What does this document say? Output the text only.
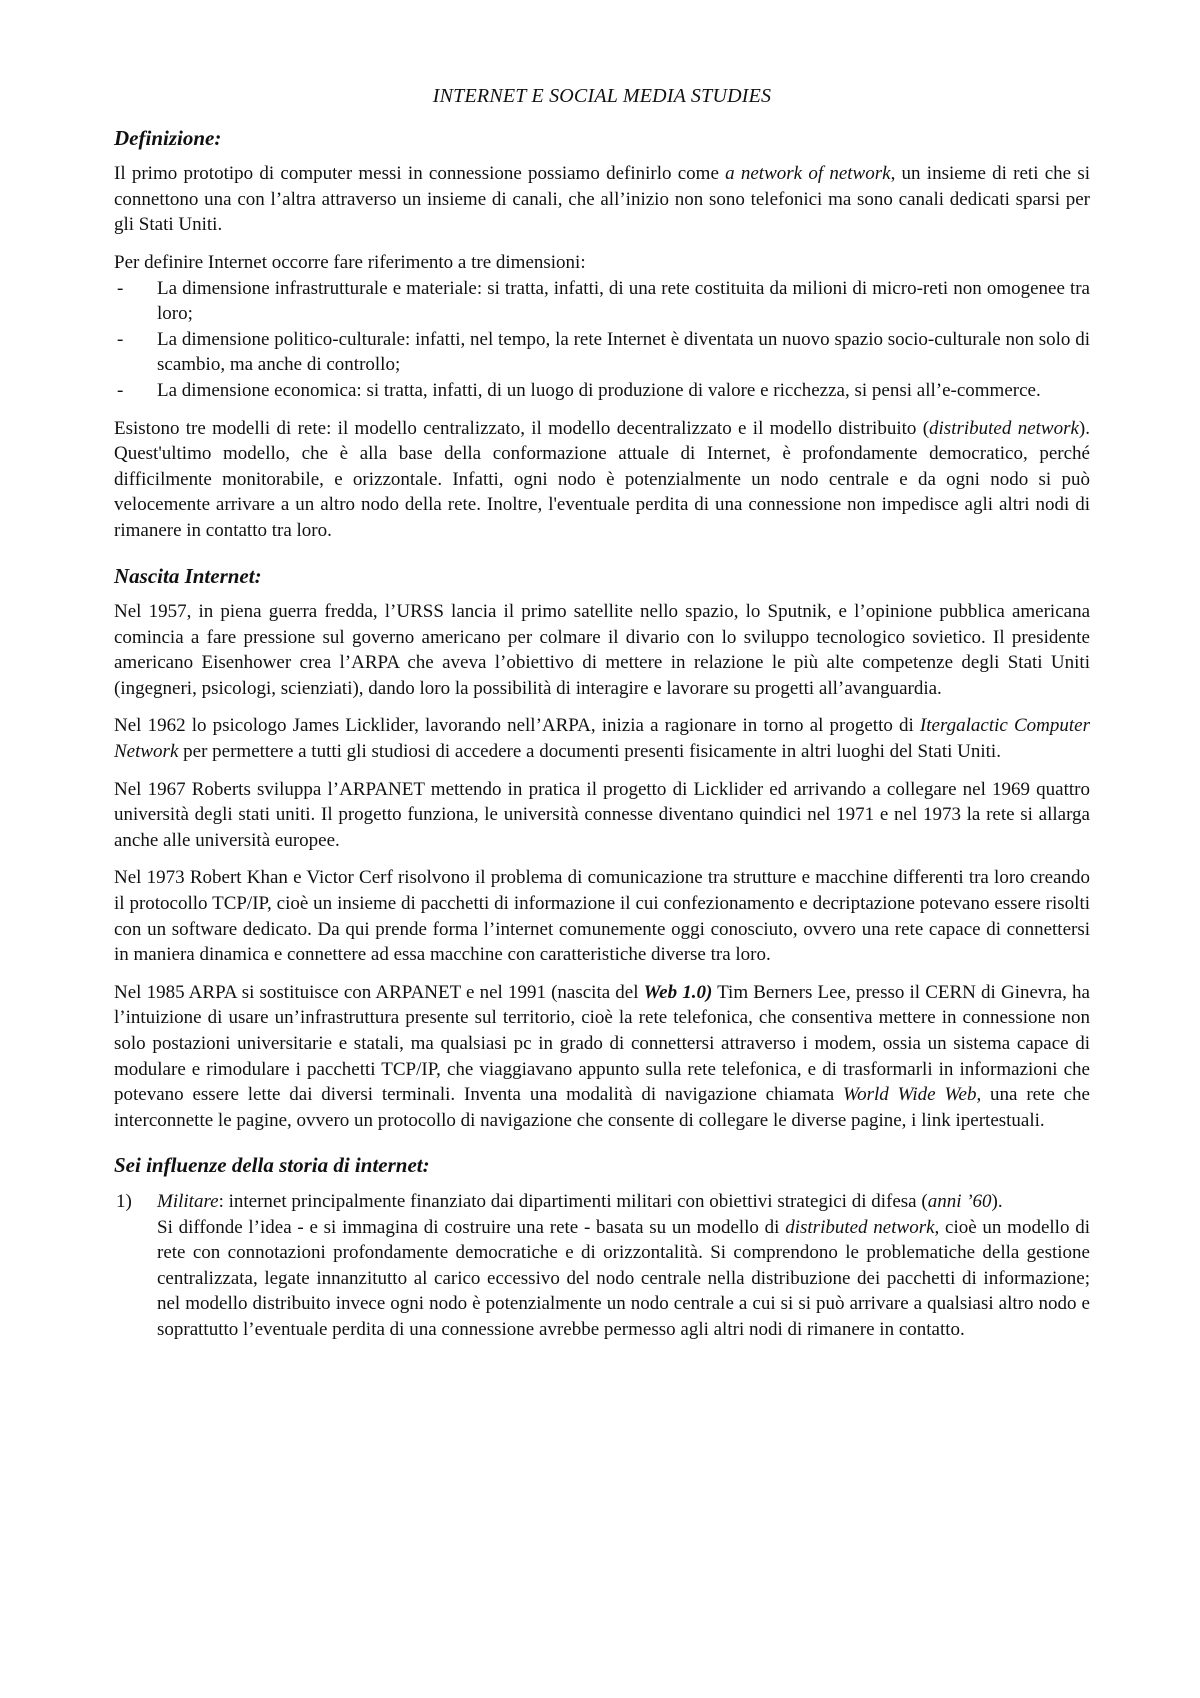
INTERNET E SOCIAL MEDIA STUDIES
Definizione:

Il primo prototipo di computer messi in connessione possiamo definirlo come a network of network, un insieme di reti che si connettono una con l’altra attraverso un insieme di canali, che all’inizio non sono telefonici ma sono canali dedicati sparsi per gli Stati Uniti.

Per definire Internet occorre fare riferimento a tre dimensioni:

- La dimensione infrastrutturale e materiale: si tratta, infatti, di una rete costituita da milioni di micro-reti non omogenee tra loro;
- La dimensione politico-culturale: infatti, nel tempo, la rete Internet è diventata un nuovo spazio socio-culturale non solo di scambio, ma anche di controllo;
- La dimensione economica: si tratta, infatti, di un luogo di produzione di valore e ricchezza, si pensi all’e-commerce.

Esistono tre modelli di rete: il modello centralizzato, il modello decentralizzato e il modello distribuito (distributed network). Quest'ultimo modello, che è alla base della conformazione attuale di Internet, è profondamente democratico, perché difficilmente monitorabile, e orizzontale. Infatti, ogni nodo è potenzialmente un nodo centrale e da ogni nodo si può velocemente arrivare a un altro nodo della rete. Inoltre, l'eventuale perdita di una connessione non impedisce agli altri nodi di rimanere in contatto tra loro.

Nascita Internet:

Nel 1957, in piena guerra fredda, l’URSS lancia il primo satellite nello spazio, lo Sputnik, e l’opinione pubblica americana comincia a fare pressione sul governo americano per colmare il divario con lo sviluppo tecnologico sovietico. Il presidente americano Eisenhower crea l’ARPA che aveva l’obiettivo di mettere in relazione le più alte competenze degli Stati Uniti (ingegneri, psicologi, scienziati), dando loro la possibilità di interagire e lavorare su progetti all’avanguardia.

Nel 1962 lo psicologo James Licklider, lavorando nell’ARPA, inizia a ragionare in torno al progetto di Itergalactic Computer Network per permettere a tutti gli studiosi di accedere a documenti presenti fisicamente in altri luoghi del Stati Uniti.

Nel 1967 Roberts sviluppa l’ARPANET mettendo in pratica il progetto di Licklider ed arrivando a collegare nel 1969 quattro università degli stati uniti. Il progetto funziona, le università connesse diventano quindici nel 1971 e nel 1973 la rete si allarga anche alle università europee.

Nel 1973 Robert Khan e Victor Cerf risolvono il problema di comunicazione tra strutture e macchine differenti tra loro creando il protocollo TCP/IP, cioè un insieme di pacchetti di informazione il cui confezionamento e decriptazione potevano essere risolti con un software dedicato. Da qui prende forma l’internet comunemente oggi conosciuto, ovvero una rete capace di connettersi in maniera dinamica e connettere ad essa macchine con caratteristiche diverse tra loro.

Nel 1985 ARPA si sostituisce con ARPANET e nel 1991 (nascita del Web 1.0) Tim Berners Lee, presso il CERN di Ginevra, ha l’intuizione di usare un’infrastruttura presente sul territorio, cioè la rete telefonica, che consentiva mettere in connessione non solo postazioni universitarie e statali, ma qualsiasi pc in grado di connettersi attraverso i modem, ossia un sistema capace di modulare e rimodulare i pacchetti TCP/IP, che viaggiavano appunto sulla rete telefonica, e di trasformarli in informazioni che potevano essere lette dai diversi terminali. Inventa una modalità di navigazione chiamata World Wide Web, una rete che interconnette le pagine, ovvero un protocollo di navigazione che consente di collegare le diverse pagine, i link ipertestuali.

Sei influenze della storia di internet:
1) Militare: internet principalmente finanziato dai dipartimenti militari con obiettivi strategici di difesa (anni ’60).

Si diffonde l’idea - e si immagina di costruire una rete - basata su un modello di distributed network, cioè un modello di rete con connotazioni profondamente democratiche e di orizzontalità. Si comprendono le problematiche della gestione centralizzata, legate innanzitutto al carico eccessivo del nodo centrale nella distribuzione dei pacchetti di informazione; nel modello distribuito invece ogni nodo è potenzialmente un nodo centrale a cui si si può arrivare a qualsiasi altro nodo e soprattutto l’eventuale perdita di una connessione avrebbe permesso agli altri nodi di rimanere in contatto.
